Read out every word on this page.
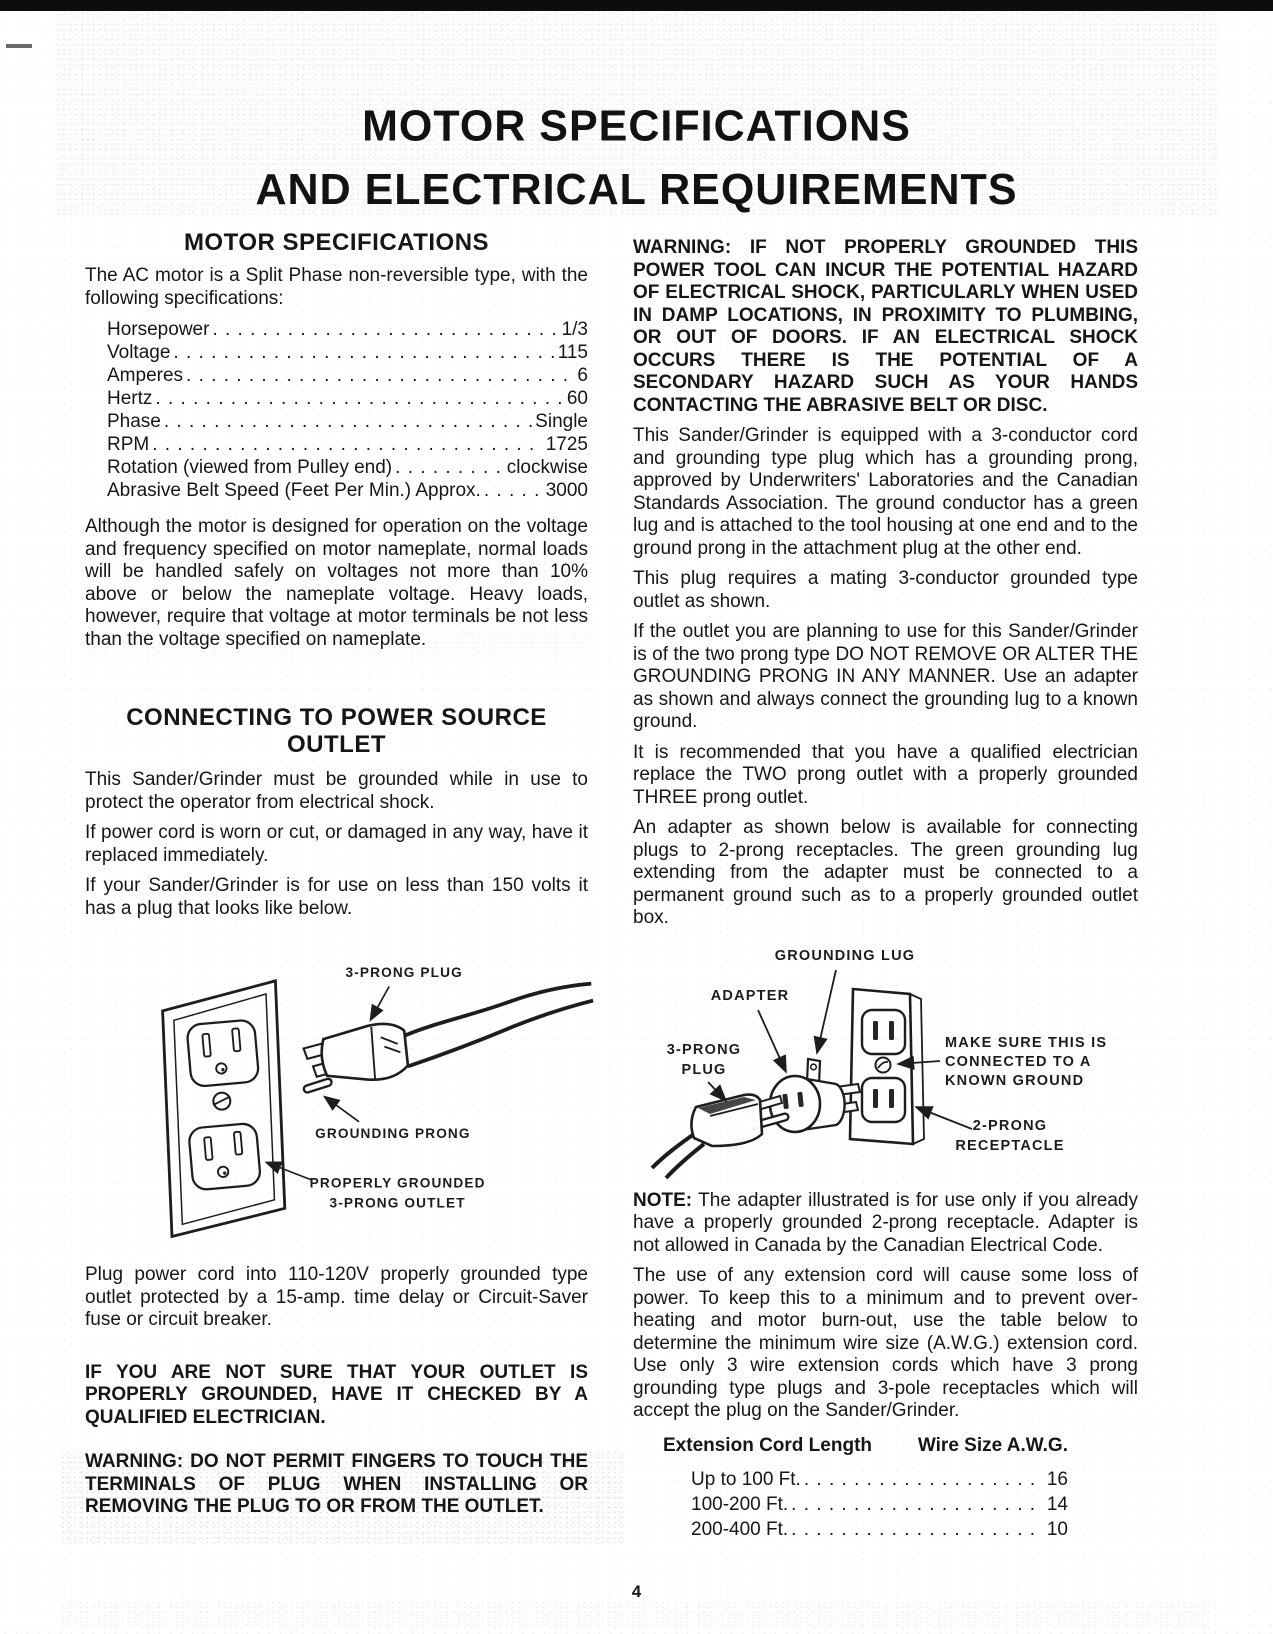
MOTOR SPECIFICATIONS
AND ELECTRICAL REQUIREMENTS
MOTOR SPECIFICATIONS

The AC motor is a Split Phase non-reversible type, with the following specifications:

Horsepower . . .	1/3
Voltage . . .	115
Amperes . . .	6
Hertz . . .	60
Phase . . .	Single
RPM . . .	1725
Rotation (viewed from Pulley end) . . .	clockwise
Abrasive Belt Speed (Feet Per Min.) Approx. . . .	3000

Although the motor is designed for operation on the voltage and frequency specified on motor nameplate, normal loads will be handled safely on voltages not more than 10% above or below the nameplate voltage. Heavy loads, however, require that voltage at motor terminals be not less than the voltage specified on nameplate.

CONNECTING TO POWER SOURCE OUTLET

This Sander/Grinder must be grounded while in use to protect the operator from electrical shock.

If power cord is worn or cut, or damaged in any way, have it replaced immediately.

If your Sander/Grinder is for use on less than 150 volts it has a plug that looks like below.

3-PRONG PLUG
GROUNDING PRONG
PROPERLY GROUNDED
3-PRONG OUTLET

Plug power cord into 110-120V properly grounded type outlet protected by a 15-amp. time delay or Circuit-Saver fuse or circuit breaker.

IF YOU ARE NOT SURE THAT YOUR OUTLET IS PROPERLY GROUNDED, HAVE IT CHECKED BY A QUALIFIED ELECTRICIAN.

WARNING: DO NOT PERMIT FINGERS TO TOUCH THE TERMINALS OF PLUG WHEN INSTALLING OR REMOVING THE PLUG TO OR FROM THE OUTLET.

WARNING: IF NOT PROPERLY GROUNDED THIS POWER TOOL CAN INCUR THE POTENTIAL HAZARD OF ELECTRICAL SHOCK, PARTICULARLY WHEN USED IN DAMP LOCATIONS, IN PROXIMITY TO PLUMBING, OR OUT OF DOORS. IF AN ELECTRICAL SHOCK OCCURS THERE IS THE POTENTIAL OF A SECONDARY HAZARD SUCH AS YOUR HANDS CONTACTING THE ABRASIVE BELT OR DISC.

This Sander/Grinder is equipped with a 3-conductor cord and grounding type plug which has a grounding prong, approved by Underwriters' Laboratories and the Canadian Standards Association. The ground conductor has a green lug and is attached to the tool housing at one end and to the ground prong in the attachment plug at the other end.

This plug requires a mating 3-conductor grounded type outlet as shown.

If the outlet you are planning to use for this Sander/Grinder is of the two prong type DO NOT REMOVE OR ALTER THE GROUNDING PRONG IN ANY MANNER. Use an adapter as shown and always connect the grounding lug to a known ground.

It is recommended that you have a qualified electrician replace the TWO prong outlet with a properly grounded THREE prong outlet.

An adapter as shown below is available for connecting plugs to 2-prong receptacles. The green grounding lug extending from the adapter must be connected to a permanent ground such as to a properly grounded outlet box.

GROUNDING LUG
ADAPTER
3-PRONG
PLUG
MAKE SURE THIS IS
CONNECTED TO A
KNOWN GROUND
2-PRONG
RECEPTACLE

NOTE: The adapter illustrated is for use only if you already have a properly grounded 2-prong receptacle. Adapter is not allowed in Canada by the Canadian Electrical Code.

The use of any extension cord will cause some loss of power. To keep this to a minimum and to prevent over-heating and motor burn-out, use the table below to determine the minimum wire size (A.W.G.) extension cord. Use only 3 wire extension cords which have 3 prong grounding type plugs and 3-pole receptacles which will accept the plug on the Sander/Grinder.

Extension Cord Length Wire Size A.W.G.
Up to 100 Ft. . . .	16
100-200 Ft. . . .	14
200-400 Ft. . . .	10
4
